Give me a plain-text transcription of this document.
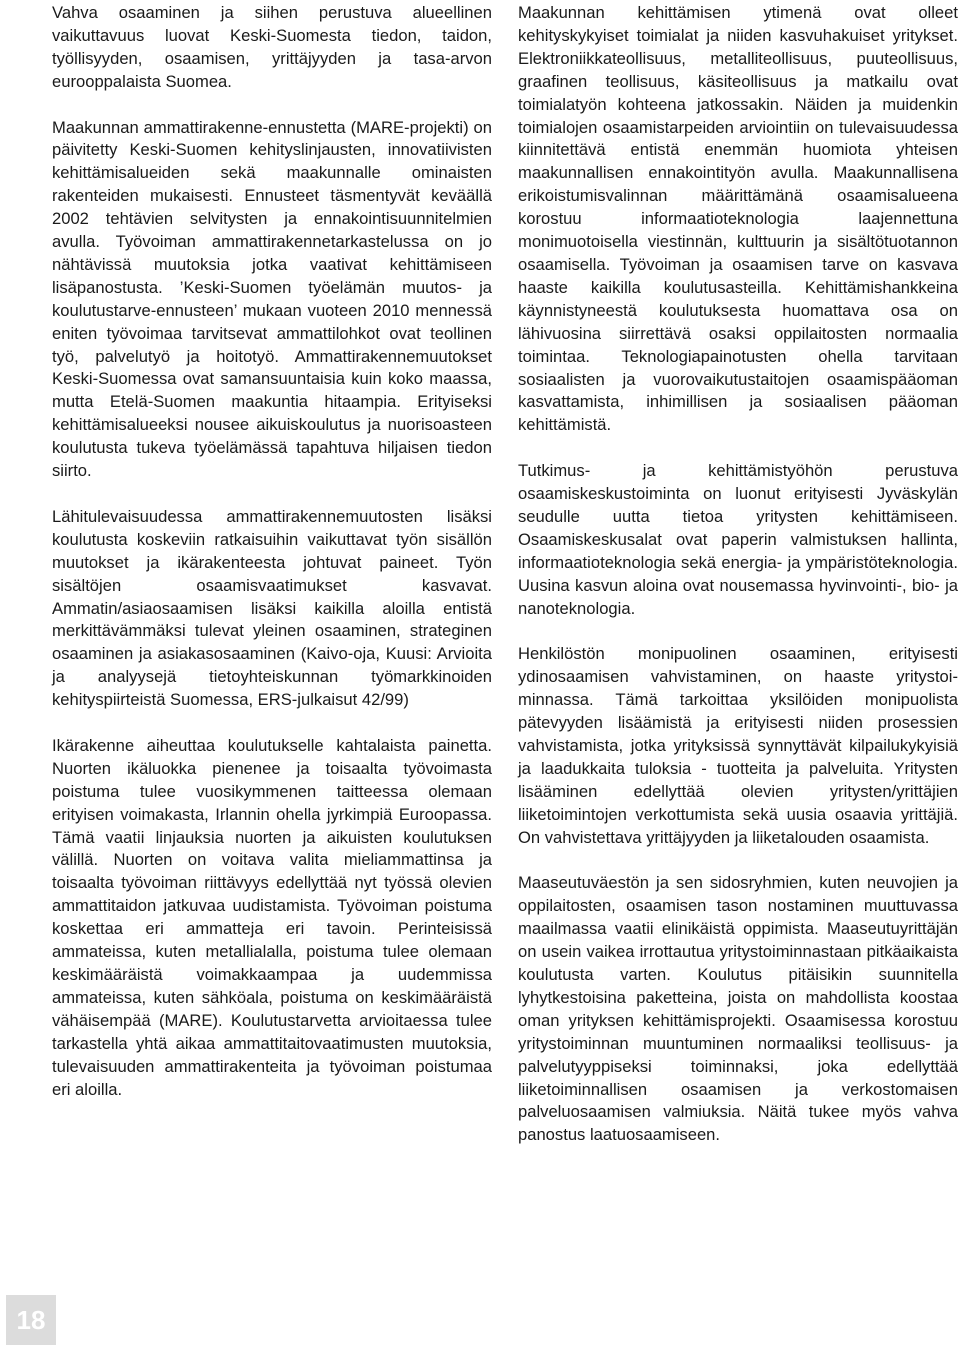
Vahva osaaminen ja siihen perustuva alueellinen vaikuttavuus luovat Keski-Suomesta tiedon, taidon, työllisyyden, osaamisen, yrittäjyyden ja tasa-arvon eurooppalaista Suomea.

Maakunnan ammattirakenne-ennustetta (MARE-projekti) on päivitetty Keski-Suomen kehityslinjausten, innovatiivisten kehittämisalueiden sekä maakunnalle ominaisten rakenteiden mukaisesti. Ennusteet täsmentyvät keväällä 2002 tehtävien selvitysten ja ennakointisuunnitelmien avulla. Työvoiman ammattirakennetarkastelussa on jo nähtävissä muutoksia jotka vaativat kehittämiseen lisäpanostusta. ’Keski-Suomen työelämän muutos- ja koulutustarve-ennusteen’ mukaan vuoteen 2010 mennessä eniten työvoimaa tarvitsevat ammattilohkot ovat teollinen työ, palvelutyö ja hoitotyö. Ammattirakennemuutokset Keski-Suomessa ovat samansuuntaisia kuin koko maassa, mutta Etelä-Suomen maakuntia hitaampia. Erityiseksi kehittämisalueeksi nousee aikuiskoulutus ja nuorisoasteen koulutusta tukeva työelämässä tapahtuva hiljaisen tiedon siirto.

Lähitulevaisuudessa ammattirakennemuutosten lisäksi koulutusta koskeviin ratkaisuihin vaikuttavat työn sisällön muutokset ja ikärakenteesta johtuvat paineet. Työn sisältöjen osaamisvaatimukset kasvavat. Ammatin/asiaosaamisen lisäksi kaikilla aloilla entistä merkittävämmäksi tulevat yleinen osaaminen, strateginen osaaminen ja asiakasosaaminen (Kaivo-oja, Kuusi: Arvioita ja analyysejä tietoyhteiskunnan työmarkkinoiden kehityspiirteistä Suomessa, ERS-julkaisut 42/99)

Ikärakenne aiheuttaa koulutukselle kahtalaista painetta. Nuorten ikäluokka pienenee ja toisaalta työvoimasta poistuma tulee vuosikymmenen taitteessa olemaan erityisen voimakasta, Irlannin ohella jyrkimpiä Euroopassa. Tämä vaatii linjauksia nuorten ja aikuisten koulutuksen välillä. Nuorten on voitava valita mieliammattinsa ja toisaalta työvoiman riittävyys edellyttää nyt työssä olevien ammattitaidon jatkuvaa uudistamista. Työvoiman poistuma koskettaa eri ammatteja eri tavoin. Perinteisissä ammateissa, kuten metallialalla, poistuma tulee olemaan keskimääräistä voimakkaampaa ja uudemmissa ammateissa, kuten sähköala, poistuma on keskimääräistä vähäisempää (MARE). Koulutustarvetta arvioitaessa tulee tarkastella yhtä aikaa ammattitaitovaatimusten muutoksia, tulevaisuuden ammattirakenteita ja työvoiman poistumaa eri aloilla.

Maakunnan kehittämisen ytimenä ovat olleet kehityskykyiset toimialat ja niiden kasvuhakuiset yritykset. Elektroniikkateollisuus, metalliteollisuus, puuteollisuus, graafinen teollisuus, käsiteollisuus ja matkailu ovat toimialatyön kohteena jatkossakin. Näiden ja muidenkin toimialojen osaamistarpeiden arviointiin on tulevaisuudessa kiinnitettävä entistä enemmän huomiota yhteisen maakunnallisen ennakointityön avulla. Maakunnallisena erikoistumisvalinnan määrittämänä osaamisalueena korostuu informaatioteknologia laajennettuna monimuotoisella viestinnän, kulttuurin ja sisältötuotannon osaamisella. Työvoiman ja osaamisen tarve on kasvava haaste kaikilla koulutusasteilla. Kehittämishankkeina käynnistyneestä koulutuksesta huomattava osa on lähivuosina siirrettävä osaksi oppilaitosten normaalia toimintaa. Teknologiapainotusten ohella tarvitaan sosiaalisten ja vuorovaikutustaitojen osaamispääoman kasvattamista, inhimillisen ja sosiaalisen pääoman kehittämistä.

Tutkimus- ja kehittämistyöhön perustuva osaamiskeskustoiminta on luonut erityisesti Jyväskylän seudulle uutta tietoa yritysten kehittämiseen. Osaamiskeskusalat ovat paperin valmistuksen hallinta, informaatioteknologia sekä energia- ja ympäristöteknologia. Uusina kasvun aloina ovat nousemassa hyvinvointi-, bio- ja nanoteknologia.

Henkilöstön monipuolinen osaaminen, erityisesti ydinosaamisen vahvistaminen, on haaste yritystoi-minnassa. Tämä tarkoittaa yksilöiden monipuolista pätevyyden lisäämistä ja erityisesti niiden prosessien vahvistamista, jotka yrityksissä synnyttävät kilpailukykyisiä ja laadukkaita tuloksia - tuotteita ja palveluita. Yritysten lisääminen edellyttää olevien yritysten/yrittäjien liiketoimintojen verkottumista sekä uusia osaavia yrittäjiä. On vahvistettava yrittäjyyden ja liiketalouden osaamista.

Maaseutuväestön ja sen sidosryhmien, kuten neuvojien ja oppilaitosten, osaamisen tason nostaminen muuttuvassa maailmassa vaatii elinikäistä oppimista. Maaseutuyrittäjän on usein vaikea irrottautua yritystoiminnastaan pitkäaikaista koulutusta varten. Koulutus pitäisikin suunnitella lyhytkestoisina paketteina, joista on mahdollista koostaa oman yrityksen kehittämisprojekti. Osaamisessa korostuu yritystoiminnan muuntuminen normaaliksi teollisuus- ja palvelutyyppiseksi toiminnaksi, joka edellyttää liiketoiminnallisen osaamisen ja verkostomaisen palveluosaamisen valmiuksia. Näitä tukee myös vahva panostus laatuosaamiseen.

18
